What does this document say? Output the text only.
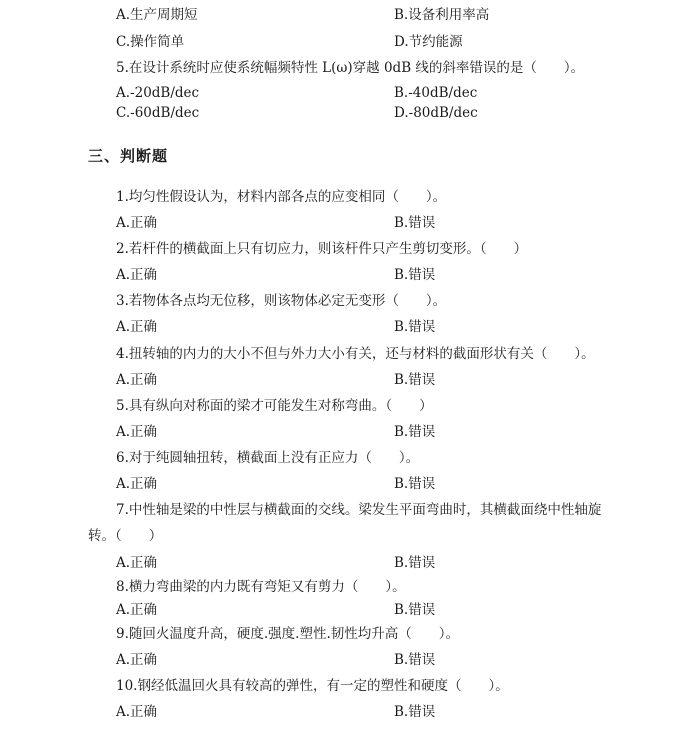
A.生产周期短	B.设备利用率高
C.操作简单	D.节约能源
5.在设计系统时应使系统幅频特性 L(ω)穿越 0dB 线的斜率错误的是（　　）。
A.-20dB/dec	B.-40dB/dec
C.-60dB/dec	D.-80dB/dec
三、判断题
1.均匀性假设认为，材料内部各点的应变相同（　　）。
A.正确	B.错误
2.若杆件的横截面上只有切应力，则该杆件只产生剪切变形。（　　）
A.正确	B.错误
3.若物体各点均无位移，则该物体必定无变形（　　）。
A.正确	B.错误
4.扭转轴的内力的大小不但与外力大小有关，还与材料的截面形状有关（　　）。
A.正确	B.错误
5.具有纵向对称面的梁才可能发生对称弯曲。（　　）
A.正确	B.错误
6.对于纯圆轴扭转，横截面上没有正应力（　　）。
A.正确	B.错误
7.中性轴是梁的中性层与横截面的交线。梁发生平面弯曲时，其横截面绕中性轴旋
转。（　　）
A.正确	B.错误
8.横力弯曲梁的内力既有弯矩又有剪力（　　）。
A.正确	B.错误
9.随回火温度升高，硬度.强度.塑性.韧性均升高（　　）。
A.正确	B.错误
10.钢经低温回火具有较高的弹性，有一定的塑性和硬度（　　）。
A.正确	B.错误
